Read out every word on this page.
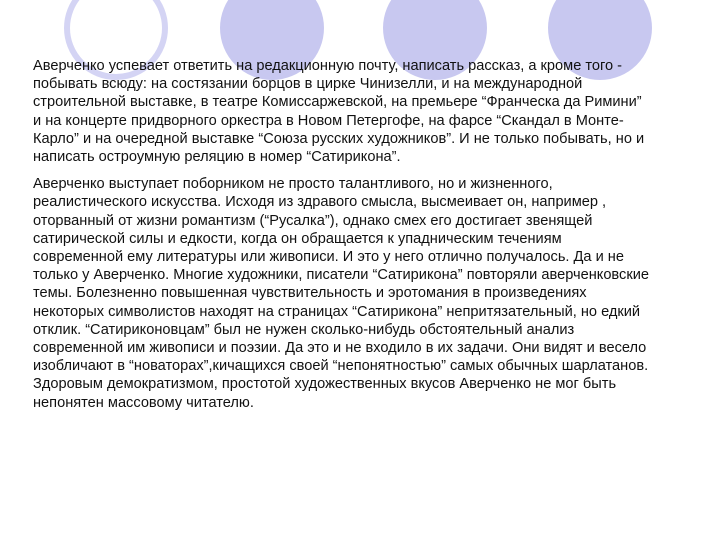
Аверченко успевает ответить на редакционную почту, написать рассказ, а кроме того -
побывать всюду: на состязании борцов в цирке Чинизелли, и на международной
строительной выставке, в театре Комиссаржевской, на премьере “Франческа да Римини”
и на концерте придворного оркестра в Новом Петергофе, на фарсе “Скандал в Монте-
Карло” и на очередной выставке “Союза русских художников”. И не только побывать, но и
написать остроумную реляцию в номер “Сатирикона”.

Аверченко выступает поборником не просто талантливого, но и жизненного,
реалистического искусства. Исходя из здравого смысла, высмеивает он, например ,
оторванный от жизни романтизм (“Русалка”), однако смех его достигает звенящей
сатирической силы и едкости, когда он обращается к упадническим течениям
современной ему литературы или живописи. И это у него отлично получалось. Да и не
только у Аверченко. Многие художники, писатели “Сатирикона” повторяли аверченковские
темы. Болезненно повышенная чувствительность и эротомания в произведениях
некоторых символистов находят на страницах “Сатирикона” непритязательный, но едкий
отклик. “Сатириконовцам” был не нужен сколько-нибудь обстоятельный анализ
современной им живописи и поэзии. Да это и не входило в их задачи. Они видят и весело
изобличают в “новаторах”,кичащихся своей “непонятностью” самых обычных шарлатанов.
Здоровым демократизмом, простотой художественных вкусов Аверченко не мог быть
непонятен массовому читателю.
